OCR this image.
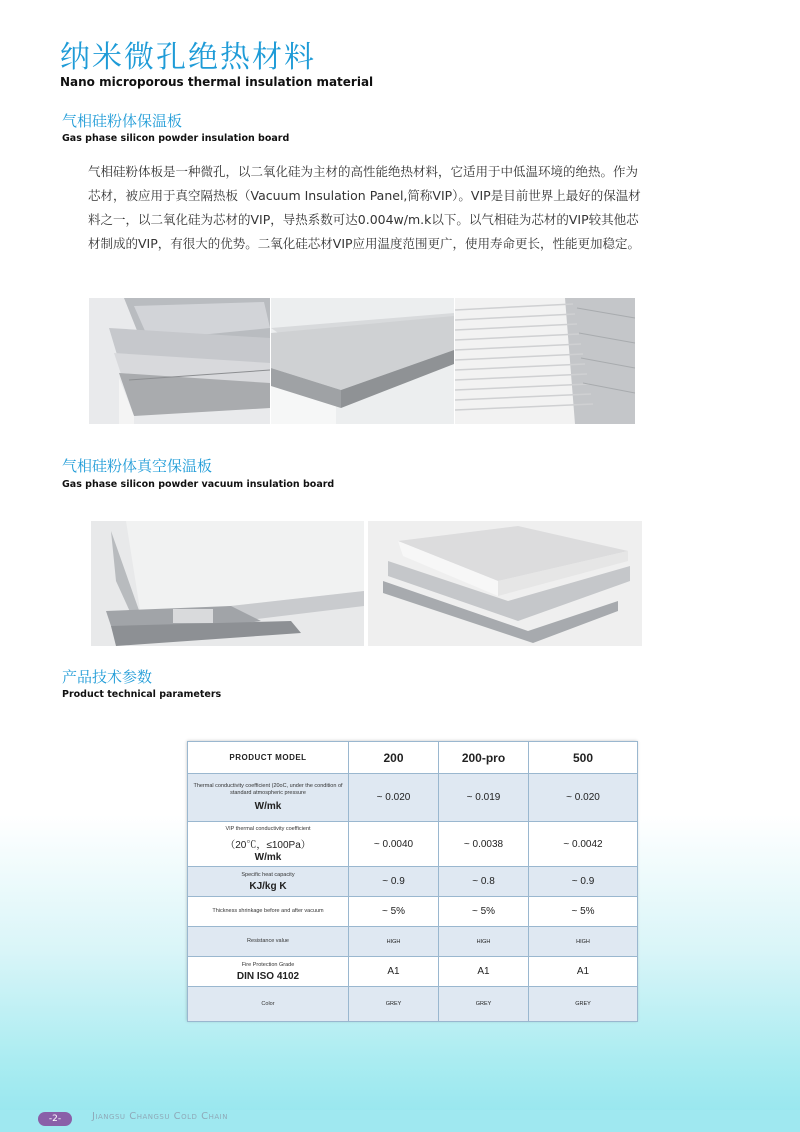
纳米微孔绝热材料
Nano microporous thermal insulation material
气相硅粉体保温板
Gas phase silicon powder insulation board

气相硅粉体板是一种微孔，以二氧化硅为主材的高性能绝热材料，它适用于中低温环境的绝热。作为芯材，被应用于真空隔热板（Vacuum Insulation Panel,简称VIP）。VIP是目前世界上最好的保温材料之一，以二氧化硅为芯材的VIP，导热系数可达0.004w/m.k以下。以气相硅为芯材的VIP较其他芯材制成的VIP，有很大的优势。二氧化硅芯材VIP应用温度范围更广，使用寿命更长，性能更加稳定。

气相硅粉体真空保温板
Gas phase silicon powder vacuum insulation board
产品技术参数
Product technical parameters
PRODUCT MODEL	200	200-pro	500

Thermal conductivity coefficient (20oC, under the condition of standard atmospheric pressure
W/mk	~ 0.020	~ 0.019	~ 0.020

VIP thermal conductivity coefficient
（20℃，≤100Pa）
W/mk	~ 0.0040	~ 0.0038	~ 0.0042

Specific heat capacity
KJ/kg K	~ 0.9	~ 0.8	~ 0.9

Thickness shrinkage before and after vacuum	~ 5%	~ 5%	~ 5%

Resistance value	HIGH	HIGH	HIGH

Fire Protection Grade
DIN ISO 4102	A1	A1	A1

Color	GREY	GREY	GREY
-2-	Jiangsu Changsu Cold Chain
